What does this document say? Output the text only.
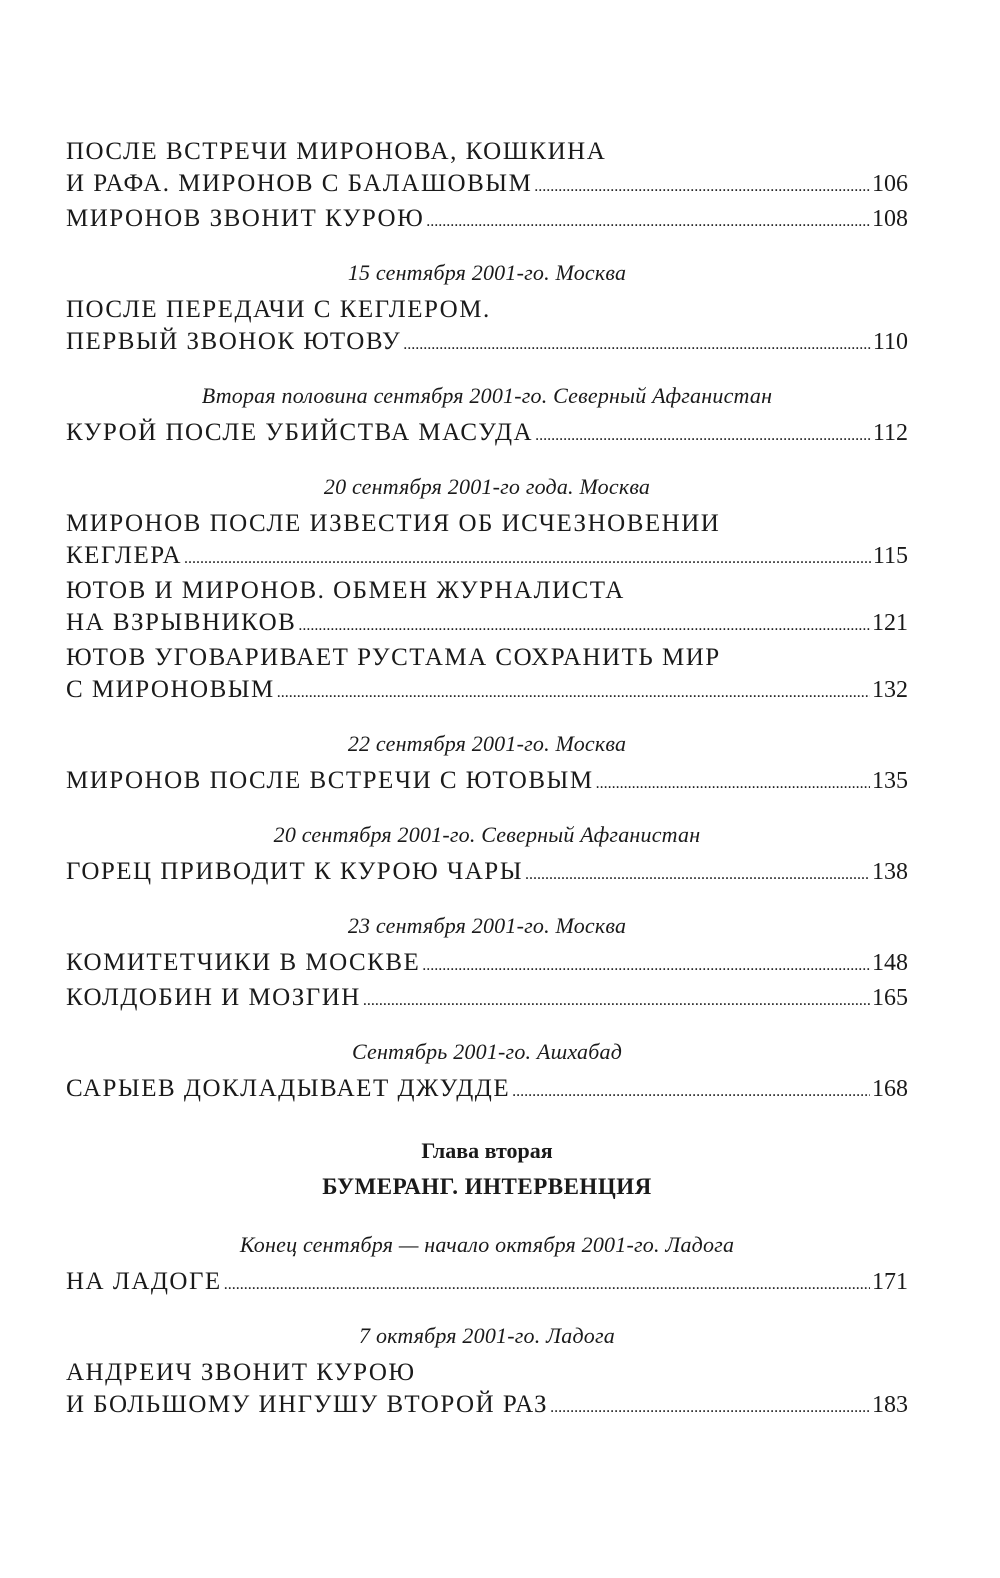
ПОСЛЕ ВСТРЕЧИ МИРОНОВА, КОШКИНА
И РАФА. МИРОНОВ С БАЛАШОВЫМ .....	106
МИРОНОВ ЗВОНИТ КУРОЮ .....	108
15 сентября 2001-го. Москва
ПОСЛЕ ПЕРЕДАЧИ С КЕГЛЕРОМ.
ПЕРВЫЙ ЗВОНОК ЮТОВУ .....	110
Вторая половина сентября 2001-го. Северный Афганистан
КУРОЙ ПОСЛЕ УБИЙСТВА МАСУДА .....	112
20 сентября 2001-го года. Москва
МИРОНОВ ПОСЛЕ ИЗВЕСТИЯ ОБ ИСЧЕЗНОВЕНИИ
КЕГЛЕРА .....	115
ЮТОВ И МИРОНОВ. ОБМЕН ЖУРНАЛИСТА
НА ВЗРЫВНИКОВ .....	121
ЮТОВ УГОВАРИВАЕТ РУСТАМА СОХРАНИТЬ МИР
С МИРОНОВЫМ .....	132
22 сентября 2001-го. Москва
МИРОНОВ ПОСЛЕ ВСТРЕЧИ С ЮТОВЫМ .....	135
20 сентября 2001-го. Северный Афганистан
ГОРЕЦ ПРИВОДИТ К КУРОЮ ЧАРЫ .....	138
23 сентября 2001-го. Москва
КОМИТЕТЧИКИ В МОСКВЕ .....	148
КОЛДОБИН И МОЗГИН .....	165
Сентябрь 2001-го. Ашхабад
САРЫЕВ ДОКЛАДЫВАЕТ ДЖУДДЕ .....	168
Глава вторая
БУМЕРАНГ. ИНТЕРВЕНЦИЯ
Конец сентября — начало октября 2001-го. Ладога
НА ЛАДОГЕ .....	171
7 октября 2001-го. Ладога
АНДРЕИЧ ЗВОНИТ КУРОЮ
И БОЛЬШОМУ ИНГУШУ ВТОРОЙ РАЗ .....	183
